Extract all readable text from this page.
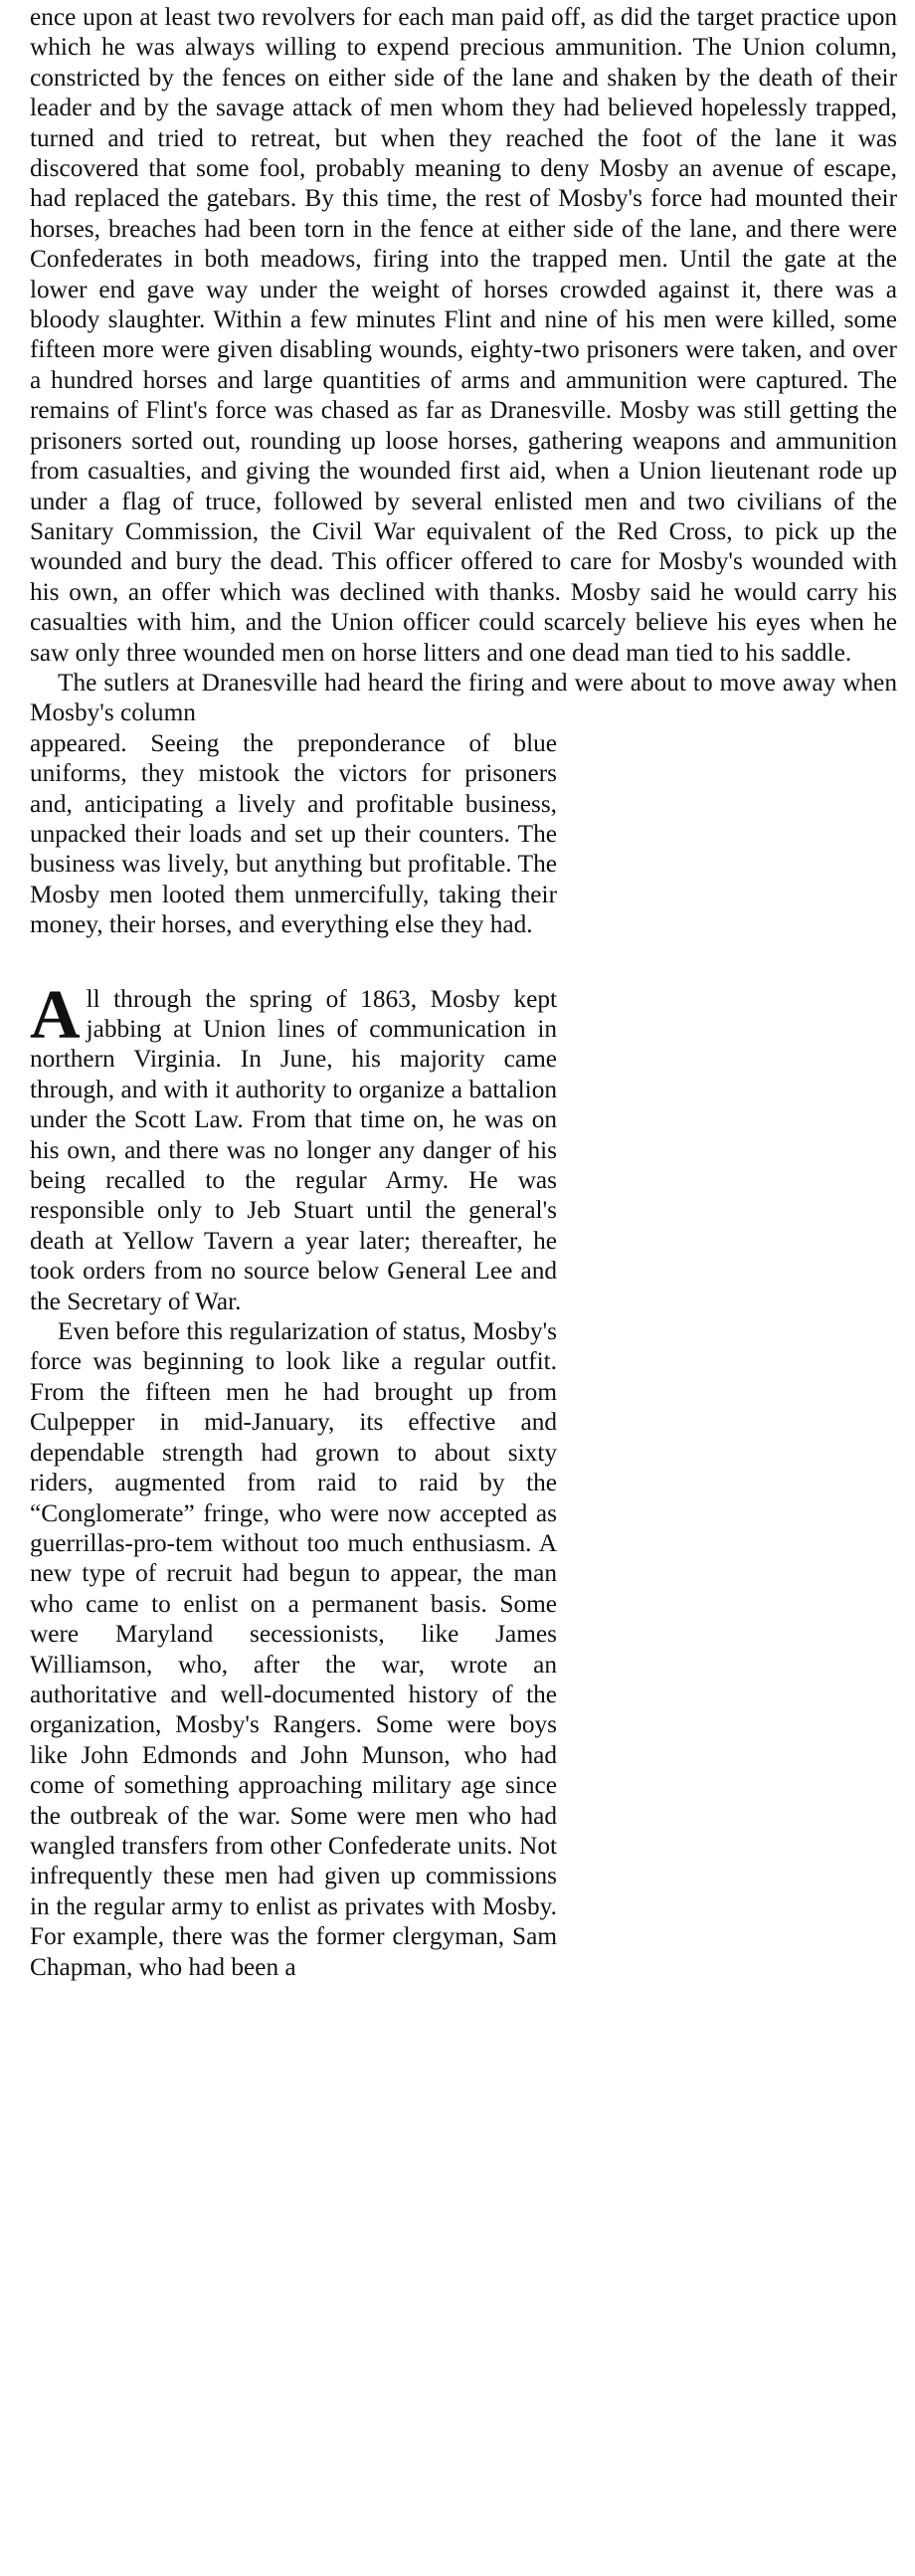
ence upon at least two revolvers for each man paid off, as did the target practice upon which he was always willing to expend precious ammunition. The Union column, constricted by the fences on either side of the lane and shaken by the death of their leader and by the savage attack of men whom they had believed hopelessly trapped, turned and tried to retreat, but when they reached the foot of the lane it was discovered that some fool, probably meaning to deny Mosby an avenue of escape, had replaced the gatebars. By this time, the rest of Mosby's force had mounted their horses, breaches had been torn in the fence at either side of the lane, and there were Confederates in both meadows, firing into the trapped men. Until the gate at the lower end gave way under the weight of horses crowded against it, there was a bloody slaughter. Within a few minutes Flint and nine of his men were killed, some fifteen more were given disabling wounds, eighty-two prisoners were taken, and over a hundred horses and large quantities of arms and ammunition were captured. The remains of Flint's force was chased as far as Dranesville. Mosby was still getting the prisoners sorted out, rounding up loose horses, gathering weapons and ammunition from casualties, and giving the wounded first aid, when a Union lieutenant rode up under a flag of truce, followed by several enlisted men and two civilians of the Sanitary Commission, the Civil War equivalent of the Red Cross, to pick up the wounded and bury the dead. This officer offered to care for Mosby's wounded with his own, an offer which was declined with thanks. Mosby said he would carry his casualties with him, and the Union officer could scarcely believe his eyes when he saw only three wounded men on horse litters and one dead man tied to his saddle.

The sutlers at Dranesville had heard the firing and were about to move away when Mosby's column

appeared. Seeing the preponderance of blue uniforms, they mistook the victors for prisoners and, anticipating a lively and profitable business, unpacked their loads and set up their counters. The business was lively, but anything but profitable. The Mosby men looted them unmercifully, taking their money, their horses, and everything else they had.

All through the spring of 1863, Mosby kept jabbing at Union lines of communication in northern Virginia. In June, his majority came through, and with it authority to organize a battalion under the Scott Law. From that time on, he was on his own, and there was no longer any danger of his being recalled to the regular Army. He was responsible only to Jeb Stuart until the general's death at Yellow Tavern a year later; thereafter, he took orders from no source below General Lee and the Secretary of War.

Even before this regularization of status, Mosby's force was beginning to look like a regular outfit. From the fifteen men he had brought up from Culpepper in mid-January, its effective and dependable strength had grown to about sixty riders, augmented from raid to raid by the “Conglomerate” fringe, who were now accepted as guerrillas-pro-tem without too much enthusiasm. A new type of recruit had begun to appear, the man who came to enlist on a permanent basis. Some were Maryland secessionists, like James Williamson, who, after the war, wrote an authoritative and well-documented history of the organization, Mosby's Rangers. Some were boys like John Edmonds and John Munson, who had come of something approaching military age since the outbreak of the war. Some were men who had wangled transfers from other Confederate units. Not infrequently these men had given up commissions in the regular army to enlist as privates with Mosby. For example, there was the former clergyman, Sam Chapman, who had been a
